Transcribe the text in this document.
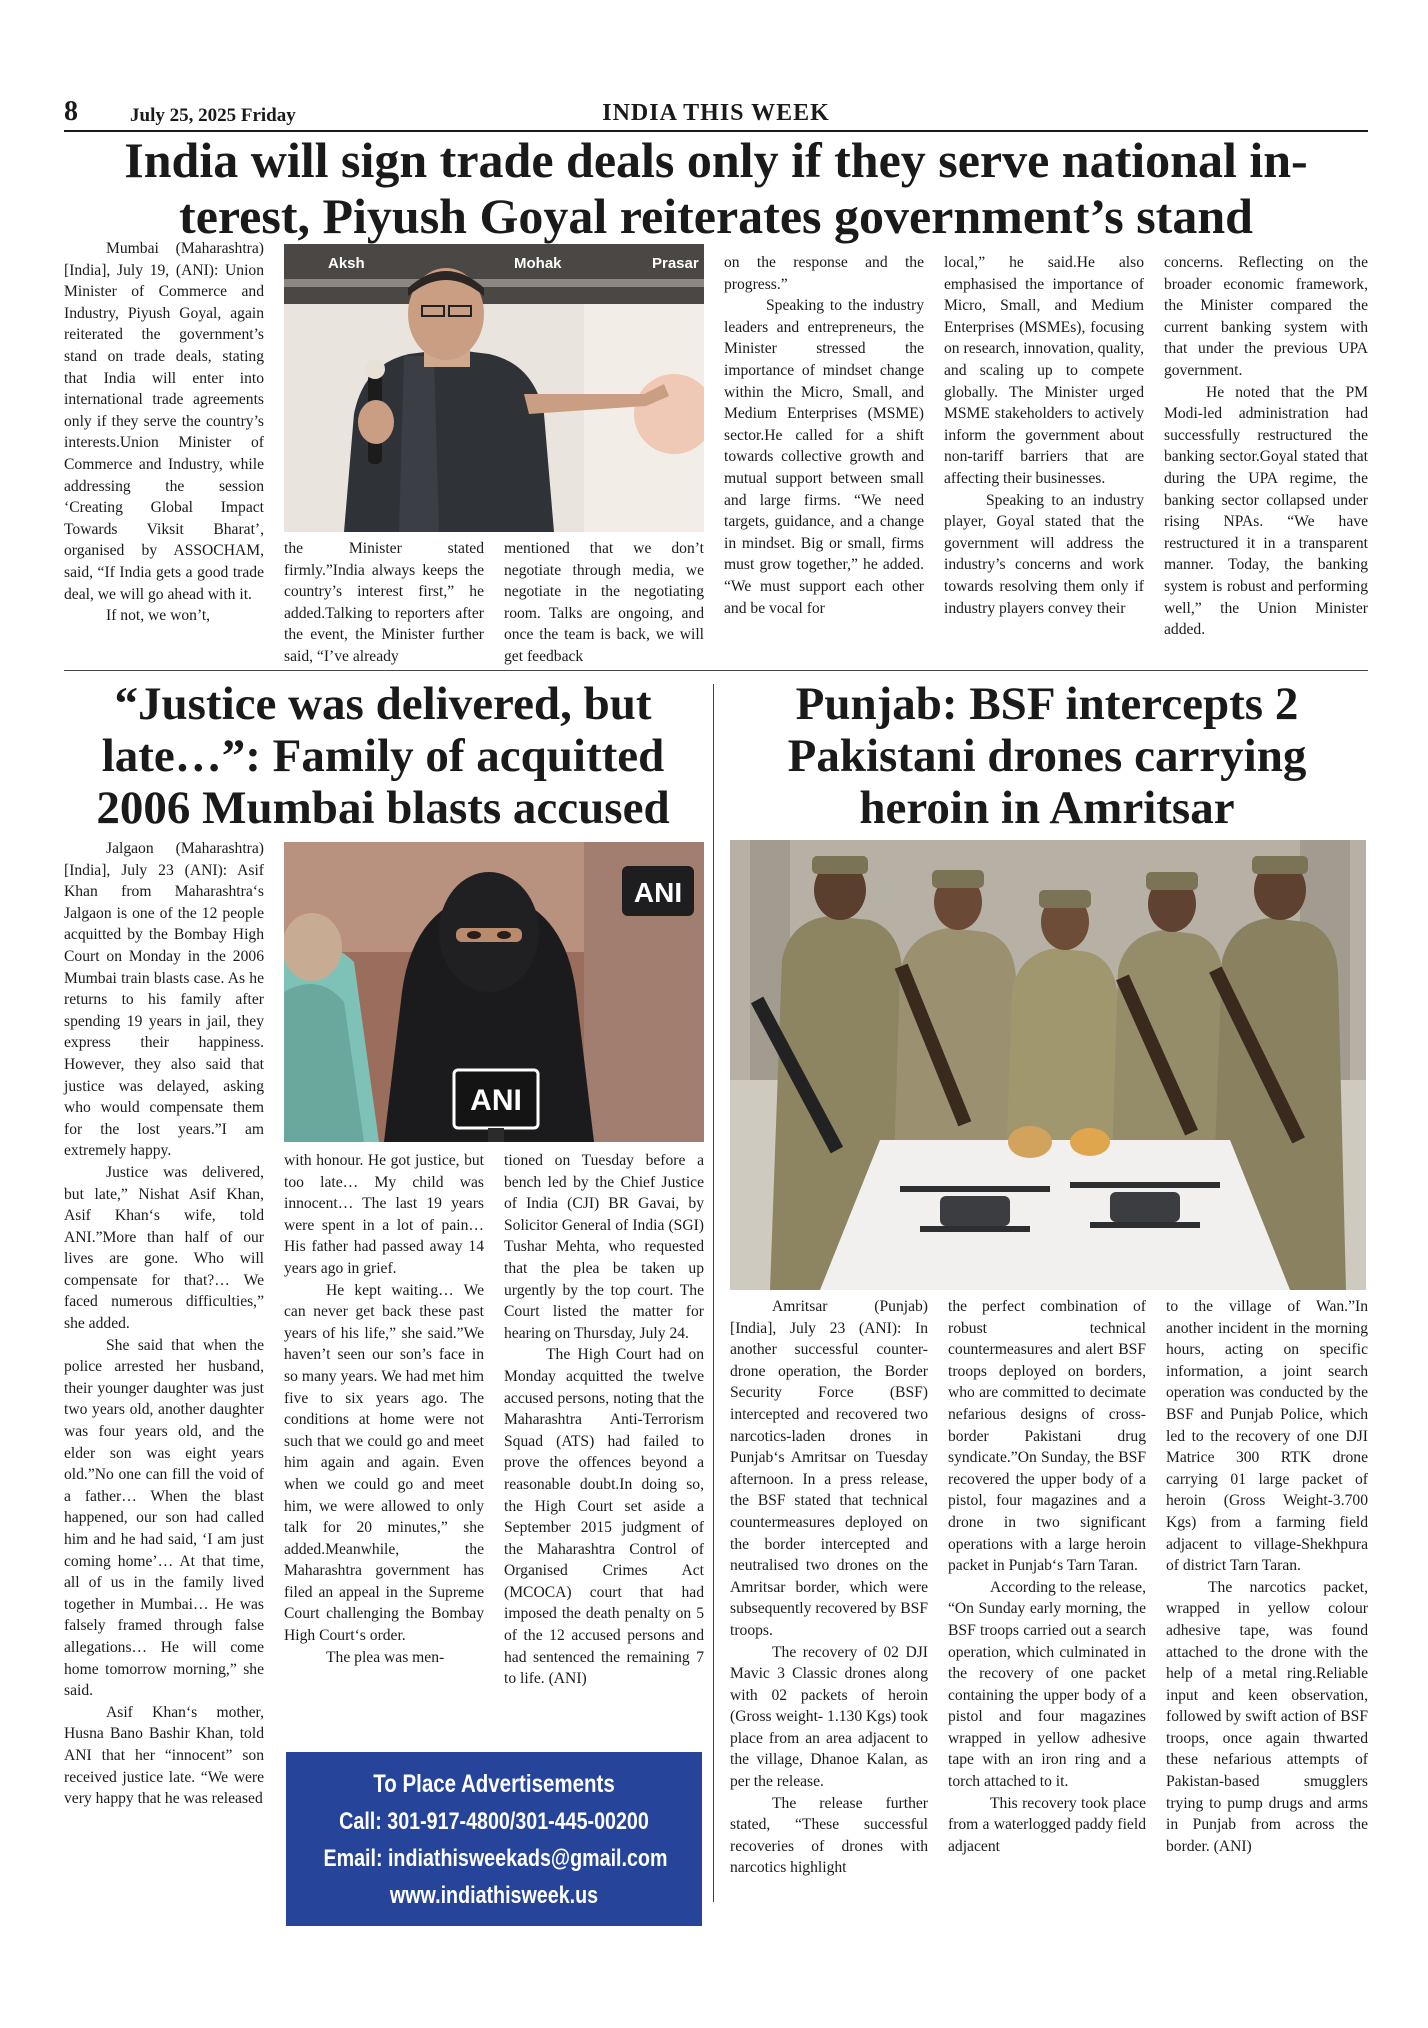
8	July 25, 2025 Friday	INDIA THIS WEEK
India will sign trade deals only if they serve national in-
terest, Piyush Goyal reiterates government’s stand

Mumbai (Maharashtra) [India], July 19, (ANI): Union Minister of Commerce and Industry, Piyush Goyal, again reiterated the government’s stand on trade deals, stating that India will enter into international trade agreements only if they serve the country’s interests.Union Minister of Commerce and Industry, while addressing the session ‘Creating Global Impact Towards Viksit Bharat’, organised by ASSOCHAM, said, “If India gets a good trade deal, we will go ahead with it.

If not, we won’t,

Aksh	Mohak	Prasar

the Minister stated firmly.”India always keeps the country’s interest first,” he added.Talking to reporters after the event, the Minister further said, “I’ve already

mentioned that we don’t negotiate through media, we negotiate in the negotiating room. Talks are ongoing, and once the team is back, we will get feedback

on the response and the progress.”

Speaking to the industry leaders and entrepreneurs, the Minister stressed the importance of mindset change within the Micro, Small, and Medium Enterprises (MSME) sector.He called for a shift towards collective growth and mutual support between small and large firms. “We need targets, guidance, and a change in mindset. Big or small, firms must grow together,” he added. “We must support each other and be vocal for

local,” he said.He also emphasised the importance of Micro, Small, and Medium Enterprises (MSMEs), focusing on research, innovation, quality, and scaling up to compete globally. The Minister urged MSME stakeholders to actively inform the government about non-tariff barriers that are affecting their businesses.

Speaking to an industry player, Goyal stated that the government will address the industry’s concerns and work towards resolving them only if industry players convey their

concerns. Reflecting on the broader economic framework, the Minister compared the current banking system with that under the previous UPA government.

He noted that the PM Modi-led administration had successfully restructured the banking sector.Goyal stated that during the UPA regime, the banking sector collapsed under rising NPAs. “We have restructured it in a transparent manner. Today, the banking system is robust and performing well,” the Union Minister added.

“Justice was delivered, but
late…”: Family of acquitted
2006 Mumbai blasts accused

Jalgaon (Maharashtra) [India], July 23 (ANI): Asif Khan from Maharashtra‘s Jalgaon is one of the 12 people acquitted by the Bombay High Court on Monday in the 2006 Mumbai train blasts case. As he returns to his family after spending 19 years in jail, they express their happiness. However, they also said that justice was delayed, asking who would compensate them for the lost years.”I am extremely happy.

Justice was delivered, but late,” Nishat Asif Khan, Asif Khan‘s wife, told ANI.”More than half of our lives are gone. Who will compensate for that?… We faced numerous difficulties,” she added.

She said that when the police arrested her husband, their younger daughter was just two years old, another daughter was four years old, and the elder son was eight years old.”No one can fill the void of a father… When the blast happened, our son had called him and he had said, ‘I am just coming home’… At that time, all of us in the family lived together in Mumbai… He was falsely framed through false allegations… He will come home tomorrow morning,” she said.

Asif Khan‘s mother, Husna Bano Bashir Khan, told ANI that her “innocent” son received justice late. “We were very happy that he was released

ANI
ANI

with honour. He got justice, but too late… My child was innocent… The last 19 years were spent in a lot of pain… His father had passed away 14 years ago in grief.

He kept waiting… We can never get back these past years of his life,” she said.”We haven’t seen our son’s face in so many years. We had met him five to six years ago. The conditions at home were not such that we could go and meet him again and again. Even when we could go and meet him, we were allowed to only talk for 20 minutes,” she added.Meanwhile, the Maharashtra government has filed an appeal in the Supreme Court challenging the Bombay High Court‘s order.

The plea was men-

tioned on Tuesday before a bench led by the Chief Justice of India (CJI) BR Gavai, by Solicitor General of India (SGI) Tushar Mehta, who requested that the plea be taken up urgently by the top court. The Court listed the matter for hearing on Thursday, July 24.

The High Court had on Monday acquitted the twelve accused persons, noting that the Maharashtra Anti-Terrorism Squad (ATS) had failed to prove the offences beyond a reasonable doubt.In doing so, the High Court set aside a September 2015 judgment of the Maharashtra Control of Organised Crimes Act (MCOCA) court that had imposed the death penalty on 5 of the 12 accused persons and had sentenced the remaining 7 to life. (ANI)

To Place Advertisements
Call: 301-917-4800/301-445-00200
Email: indiathisweekads@gmail.com
www.indiathisweek.us
Punjab: BSF intercepts 2
Pakistani drones carrying
heroin in Amritsar

Amritsar (Punjab) [India], July 23 (ANI): In another successful counter-drone operation, the Border Security Force (BSF) intercepted and recovered two narcotics-laden drones in Punjab‘s Amritsar on Tuesday afternoon. In a press release, the BSF stated that technical countermeasures deployed on the border intercepted and neutralised two drones on the Amritsar border, which were subsequently recovered by BSF troops.

The recovery of 02 DJI Mavic 3 Classic drones along with 02 packets of heroin (Gross weight- 1.130 Kgs) took place from an area adjacent to the village, Dhanoe Kalan, as per the release.

The release further stated, “These successful recoveries of drones with narcotics highlight

the perfect combination of robust technical countermeasures and alert BSF troops deployed on borders, who are committed to decimate nefarious designs of cross-border Pakistani drug syndicate.”On Sunday, the BSF recovered the upper body of a pistol, four magazines and a drone in two significant operations with a large heroin packet in Punjab‘s Tarn Taran.

According to the release, “On Sunday early morning, the BSF troops carried out a search operation, which culminated in the recovery of one packet containing the upper body of a pistol and four magazines wrapped in yellow adhesive tape with an iron ring and a torch attached to it.

This recovery took place from a waterlogged paddy field adjacent

to the village of Wan.”In another incident in the morning hours, acting on specific information, a joint search operation was conducted by the BSF and Punjab Police, which led to the recovery of one DJI Matrice 300 RTK drone carrying 01 large packet of heroin (Gross Weight-3.700 Kgs) from a farming field adjacent to village-Shekhpura of district Tarn Taran.

The narcotics packet, wrapped in yellow colour adhesive tape, was found attached to the drone with the help of a metal ring.Reliable input and keen observation, followed by swift action of BSF troops, once again thwarted these nefarious attempts of Pakistan-based smugglers trying to pump drugs and arms in Punjab from across the border. (ANI)
